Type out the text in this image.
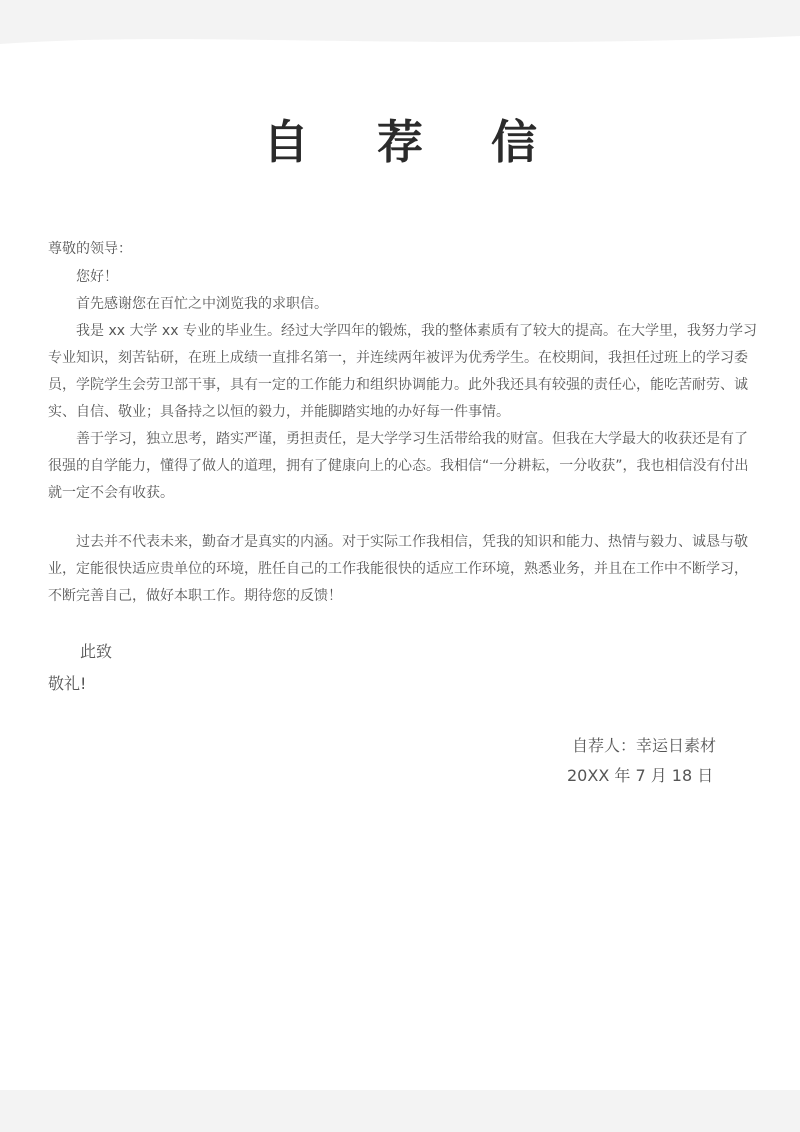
自 荐 信
尊敬的领导：
您好！

首先感谢您在百忙之中浏览我的求职信。

我是 xx 大学 xx 专业的毕业生。经过大学四年的锻炼，我的整体素质有了较大的提高。在大学里，我努力学习专业知识，刻苦钻研，在班上成绩一直排名第一，并连续两年被评为优秀学生。在校期间，我担任过班上的学习委员，学院学生会劳卫部干事，具有一定的工作能力和组织协调能力。此外我还具有较强的责任心，能吃苦耐劳、诚实、自信、敬业；具备持之以恒的毅力，并能脚踏实地的办好每一件事情。

善于学习，独立思考，踏实严谨，勇担责任，是大学学习生活带给我的财富。但我在大学最大的收获还是有了很强的自学能力，懂得了做人的道理，拥有了健康向上的心态。我相信“一分耕耘，一分收获”，我也相信没有付出就一定不会有收获。

过去并不代表未来，勤奋才是真实的内涵。对于实际工作我相信，凭我的知识和能力、热情与毅力、诚恳与敬业，定能很快适应贵单位的环境，胜任自己的工作我能很快的适应工作环境，熟悉业务，并且在工作中不断学习，不断完善自己，做好本职工作。期待您的反馈！

此致
敬礼!
自荐人：幸运日素材
20XX 年 7 月 18 日
